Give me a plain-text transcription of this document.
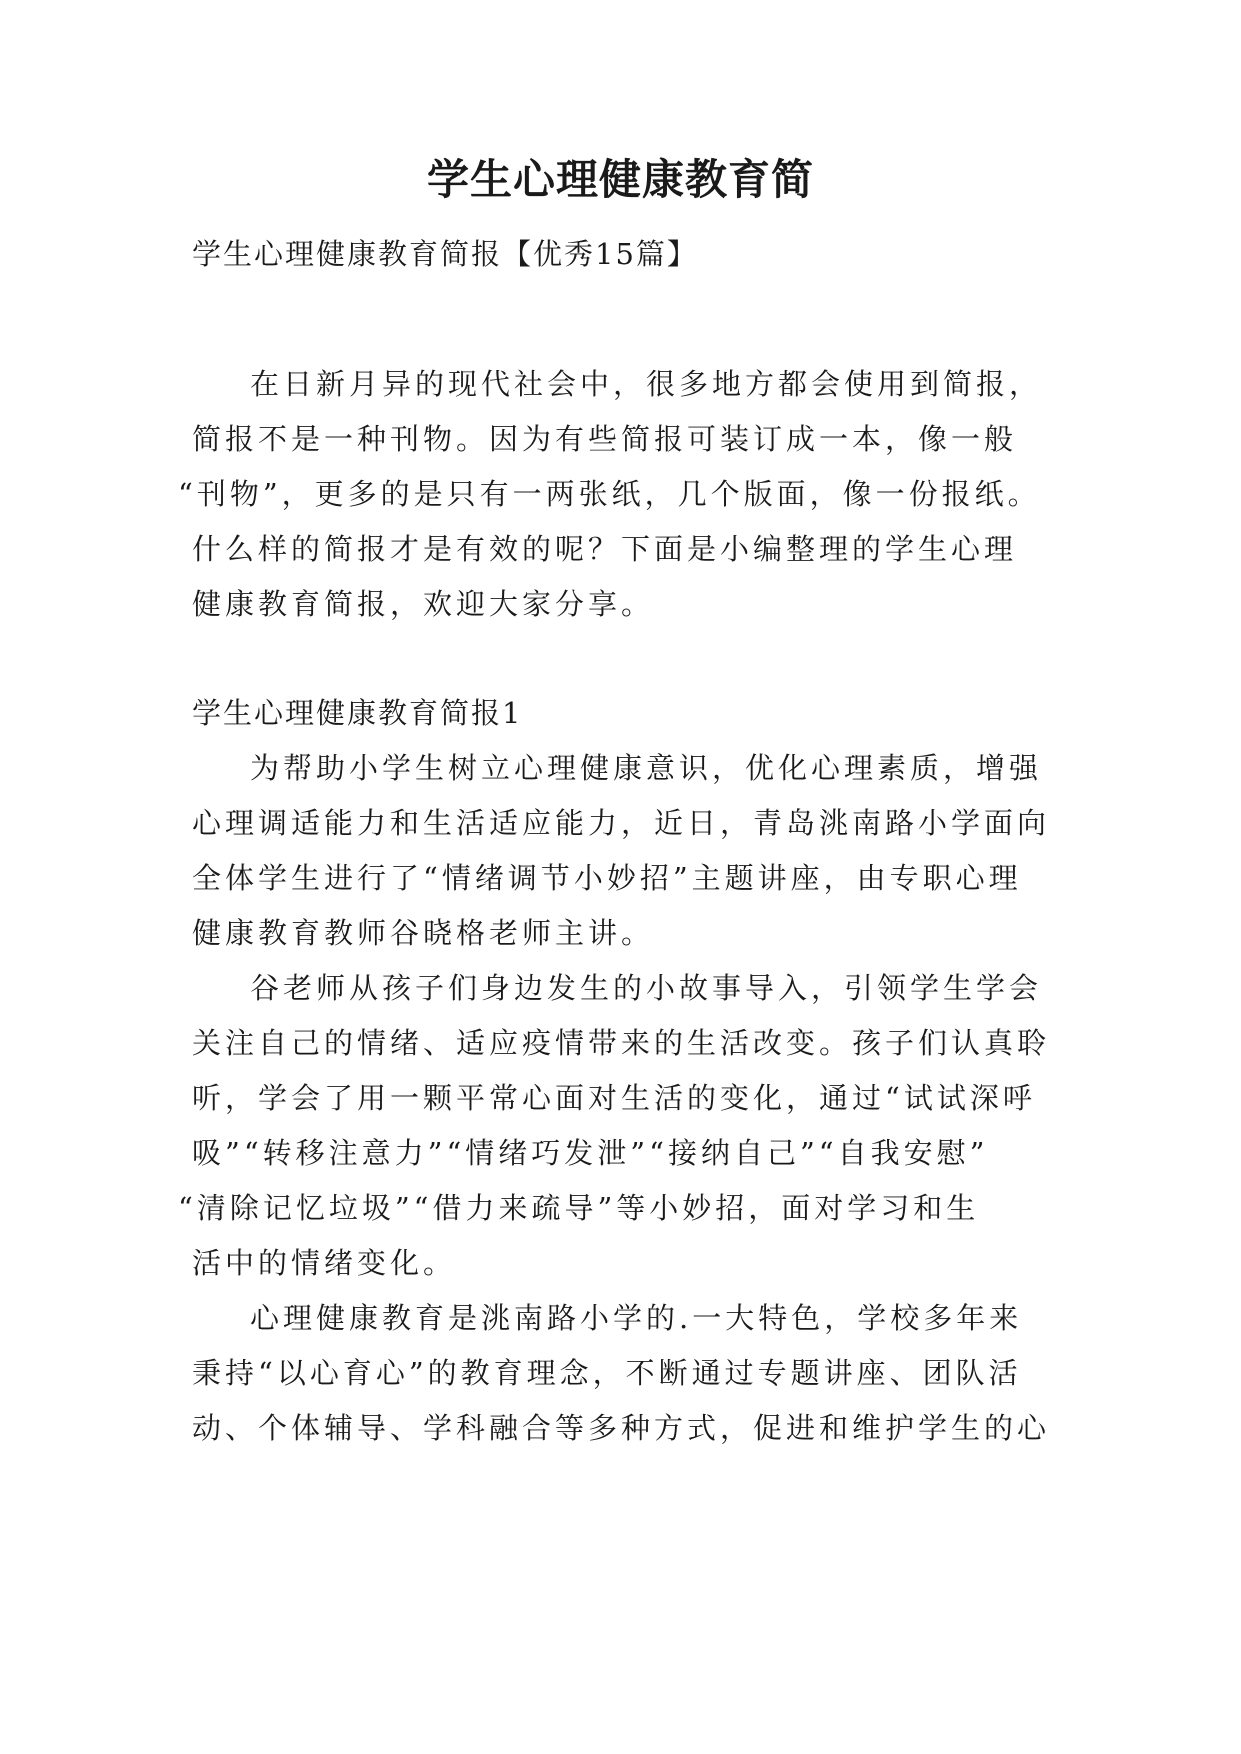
学生心理健康教育简
学生心理健康教育简报【优秀15篇】
在日新月异的现代社会中，很多地方都会使用到简报，
简报不是一种刊物。因为有些简报可装订成一本，像一般
“刊物”，更多的是只有一两张纸，几个版面，像一份报纸。
什么样的简报才是有效的呢？下面是小编整理的学生心理
健康教育简报，欢迎大家分享。
学生心理健康教育简报1
为帮助小学生树立心理健康意识，优化心理素质，增强
心理调适能力和生活适应能力，近日，青岛洮南路小学面向
全体学生进行了“情绪调节小妙招”主题讲座，由专职心理
健康教育教师谷晓格老师主讲。
谷老师从孩子们身边发生的小故事导入，引领学生学会
关注自己的情绪、适应疫情带来的生活改变。孩子们认真聆
听，学会了用一颗平常心面对生活的变化，通过“试试深呼
吸”“转移注意力”“情绪巧发泄”“接纳自己”“自我安慰”
“清除记忆垃圾”“借力来疏导”等小妙招，面对学习和生
活中的情绪变化。
心理健康教育是洮南路小学的.一大特色，学校多年来
秉持“以心育心”的教育理念，不断通过专题讲座、团队活
动、个体辅导、学科融合等多种方式，促进和维护学生的心
